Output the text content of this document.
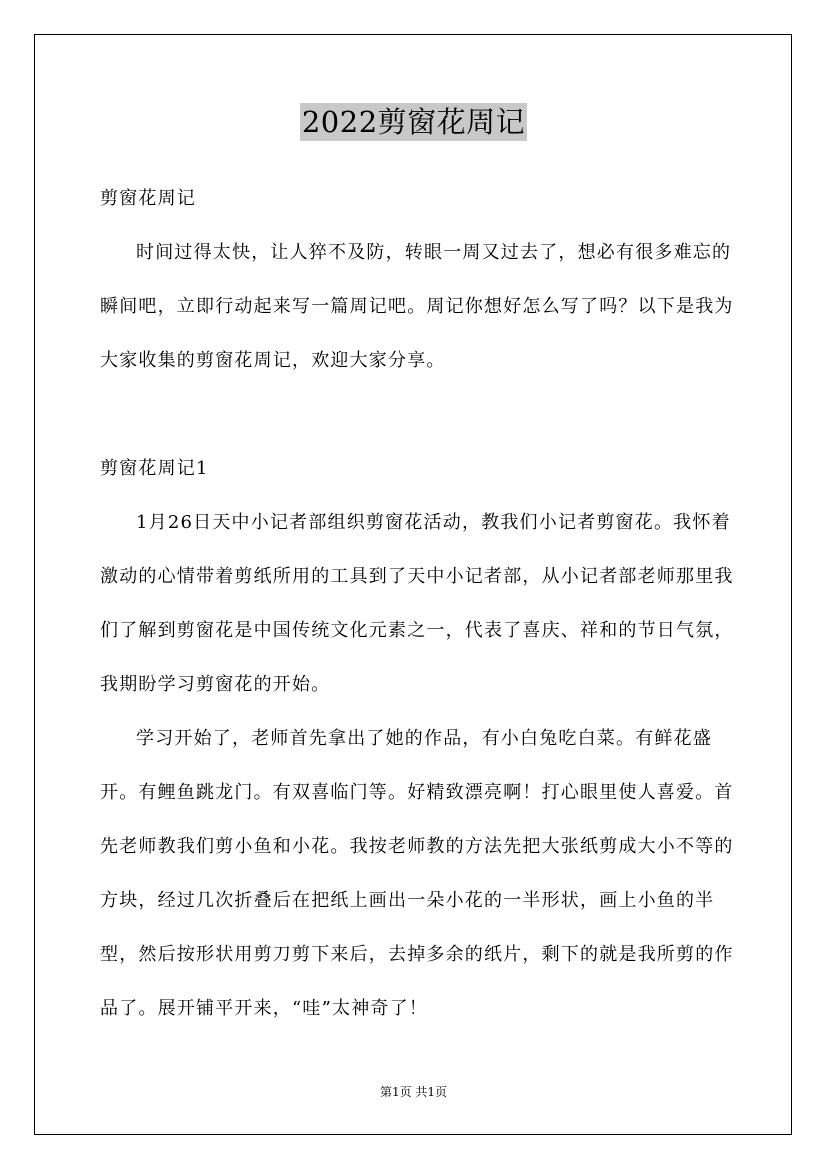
2022剪窗花周记

剪窗花周记

时间过得太快，让人猝不及防，转眼一周又过去了，想必有很多难忘的瞬间吧，立即行动起来写一篇周记吧。周记你想好怎么写了吗？以下是我为大家收集的剪窗花周记，欢迎大家分享。

剪窗花周记1

1月26日天中小记者部组织剪窗花活动，教我们小记者剪窗花。我怀着激动的心情带着剪纸所用的工具到了天中小记者部，从小记者部老师那里我们了解到剪窗花是中国传统文化元素之一，代表了喜庆、祥和的节日气氛，我期盼学习剪窗花的开始。

学习开始了，老师首先拿出了她的作品，有小白兔吃白菜。有鲜花盛开。有鲤鱼跳龙门。有双喜临门等。好精致漂亮啊！打心眼里使人喜爱。首先老师教我们剪小鱼和小花。我按老师教的方法先把大张纸剪成大小不等的方块，经过几次折叠后在把纸上画出一朵小花的一半形状，画上小鱼的半型，然后按形状用剪刀剪下来后，去掉多余的纸片，剩下的就是我所剪的作品了。展开铺平开来，“哇”太神奇了！

第1页 共1页
